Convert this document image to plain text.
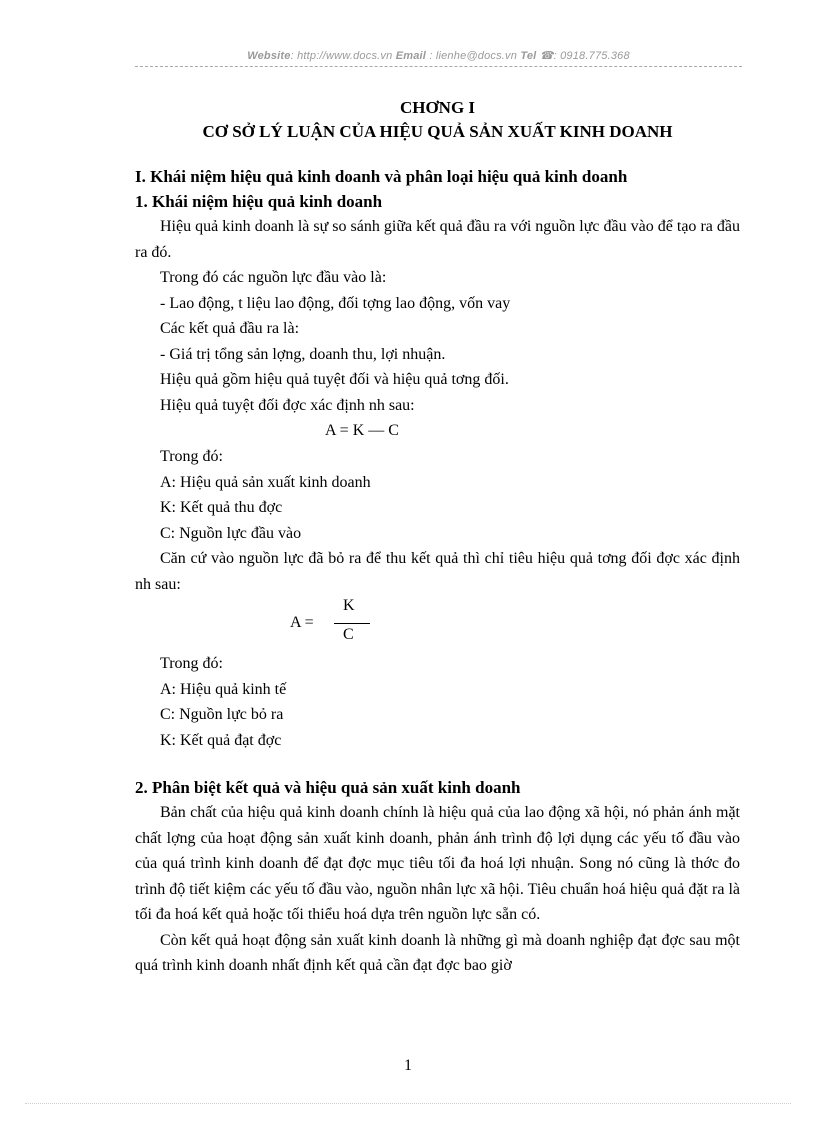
Website: http://www.docs.vn Email : lienhe@docs.vn Tel ☎: 0918.775.368
CHƠNG I
CƠ SỞ LÝ LUẬN CỦA HIỆU QUẢ SẢN XUẤT KINH DOANH
I. Khái niệm hiệu quả kinh doanh và phân loại hiệu quả kinh doanh
1. Khái niệm hiệu quả kinh doanh

Hiệu quả kinh doanh là sự so sánh giữa kết quả đầu ra với nguồn lực đầu vào để tạo ra đầu ra đó.

Trong đó các nguồn lực đầu vào là:

- Lao động, t liệu lao động, đối tợng lao động, vốn vay

Các kết quả đầu ra là:

- Giá trị tổng sản lợng, doanh thu, lợi nhuận.

Hiệu quả gồm hiệu quả tuyệt đối và hiệu quả tơng đối.

Hiệu quả tuyệt đối đợc xác định nh sau:

A = K — C

Trong đó:

A: Hiệu quả sản xuất kinh doanh

K: Kết quả thu đợc

C: Nguồn lực đầu vào

Căn cứ vào nguồn lực đã bỏ ra để thu kết quả thì chỉ tiêu hiệu quả tơng đối đợc xác định nh sau:

A =
K
C

Trong đó:

A: Hiệu quả kinh tế

C: Nguồn lực bỏ ra

K: Kết quả đạt đợc

2. Phân biệt kết quả và hiệu quả sản xuất kinh doanh

Bản chất của hiệu quả kinh doanh chính là hiệu quả của lao động xã hội, nó phản ánh mặt chất lợng của hoạt động sản xuất kinh doanh, phản ánh trình độ lợi dụng các yếu tố đầu vào của quá trình kinh doanh để đạt đợc mục tiêu tối đa hoá lợi nhuận. Song nó cũng là thớc đo trình độ tiết kiệm các yếu tố đầu vào, nguồn nhân lực xã hội. Tiêu chuẩn hoá hiệu quả đặt ra là tối đa hoá kết quả hoặc tối thiểu hoá dựa trên nguồn lực sẵn có.

Còn kết quả hoạt động sản xuất kinh doanh là những gì mà doanh nghiệp đạt đợc sau một quá trình kinh doanh nhất định kết quả cần đạt đợc bao giờ

1
